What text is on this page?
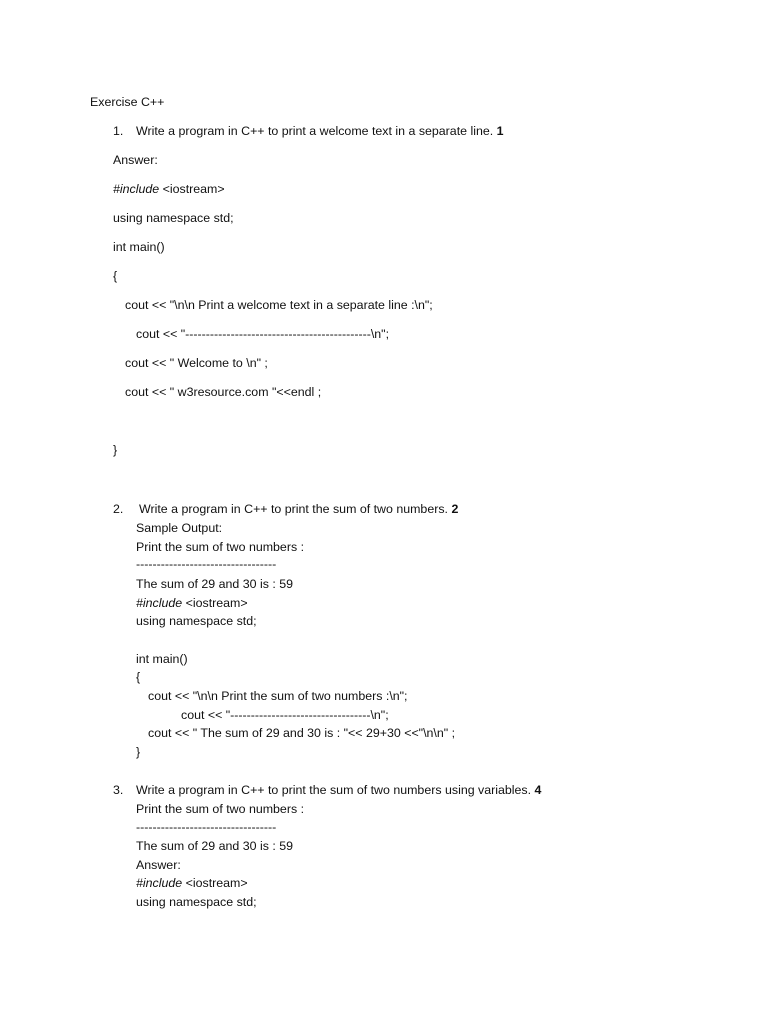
Exercise C++
1. Write a program in C++ to print a welcome text in a separate line. 1
Answer:
#include <iostream>
using namespace std;
int main()
{
cout << "\n\n Print a welcome text in a separate line :\n";
cout << "---------------------------------------------\n";
cout << " Welcome to \n" ;
cout << " w3resource.com "<<endl ;
}
2. Write a program in C++ to print the sum of two numbers. 2
Sample Output:
Print the sum of two numbers :
----------------------------------
The sum of 29 and 30 is : 59
#include <iostream>
using namespace std;
int main()
{
cout << "\n\n Print the sum of two numbers :\n";
cout << "----------------------------------\n";
cout << " The sum of 29 and 30 is : "<< 29+30 <<"\n\n" ;
}
3. Write a program in C++ to print the sum of two numbers using variables. 4
Print the sum of two numbers :
----------------------------------
The sum of 29 and 30 is : 59
Answer:
#include <iostream>
using namespace std;
